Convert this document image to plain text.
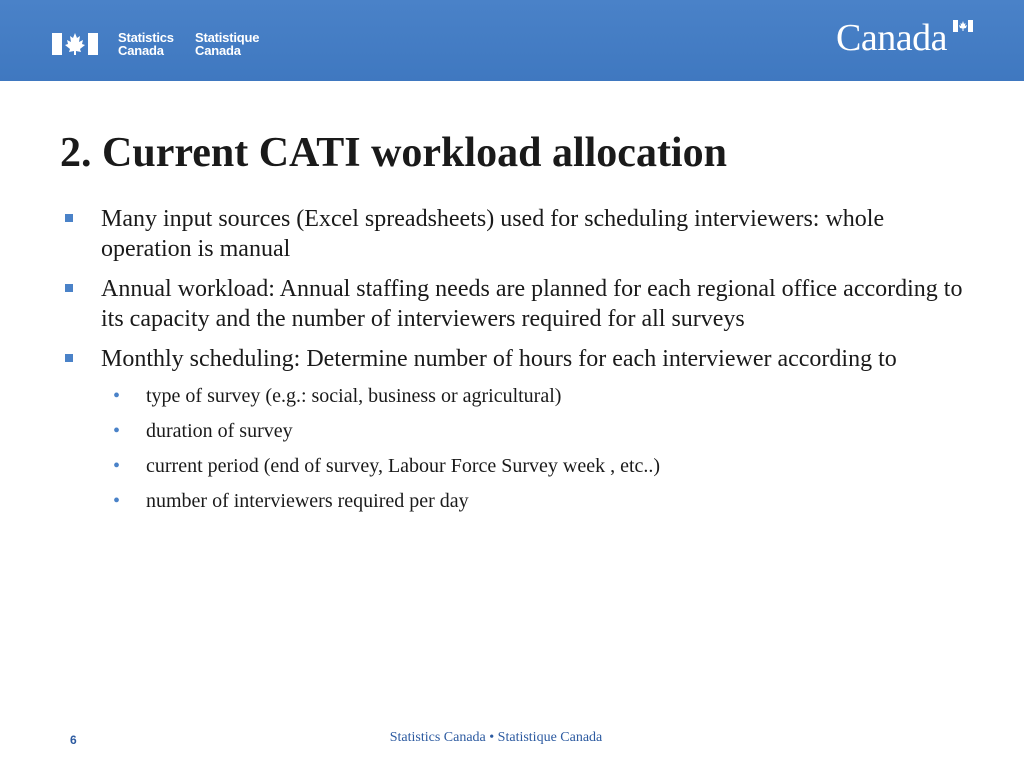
Statistics
Canada
Statistique
Canada	Canada
2. Current CATI workload allocation
Many input sources (Excel spreadsheets) used for scheduling interviewers: whole operation is manual
Annual workload: Annual staffing needs are planned for each regional office according to its capacity and the number of interviewers required for all surveys
Monthly scheduling: Determine number of hours for each interviewer according to
• type of survey (e.g.: social, business or agricultural)
• duration of survey
• current period (end of survey, Labour Force Survey week , etc..)
• number of interviewers required per day
6	Statistics Canada • Statistique Canada
